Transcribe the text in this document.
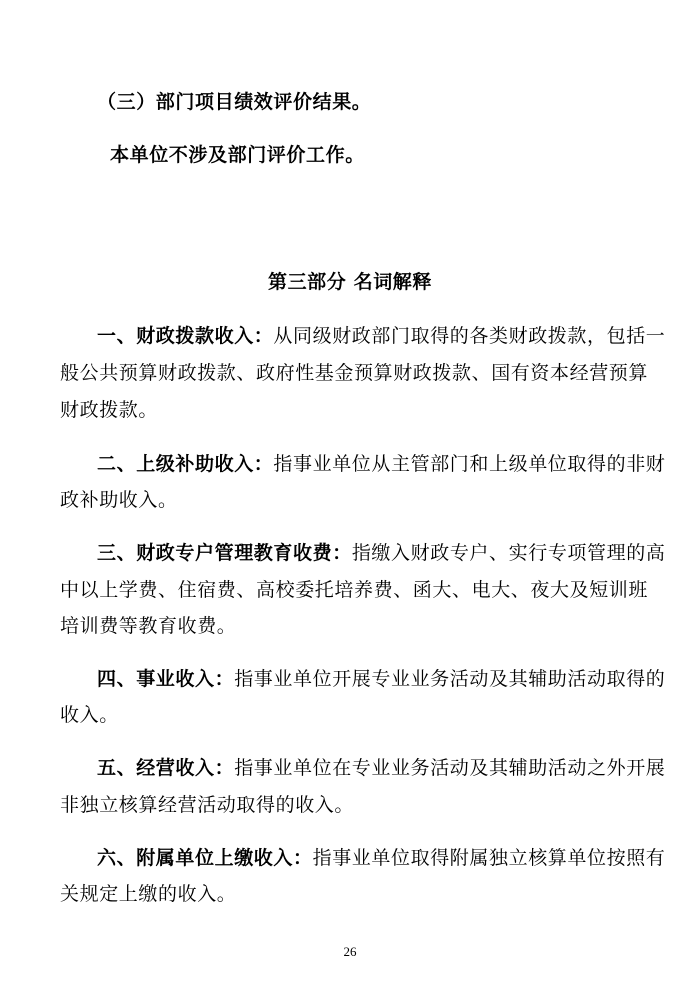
（三）部门项目绩效评价结果。
本单位不涉及部门评价工作。
第三部分 名词解释
一、财政拨款收入：从同级财政部门取得的各类财政拨款，包括一
般公共预算财政拨款、政府性基金预算财政拨款、国有资本经营预算
财政拨款。
二、上级补助收入：指事业单位从主管部门和上级单位取得的非财
政补助收入。
三、财政专户管理教育收费：指缴入财政专户、实行专项管理的高
中以上学费、住宿费、高校委托培养费、函大、电大、夜大及短训班
培训费等教育收费。
四、事业收入：指事业单位开展专业业务活动及其辅助活动取得的
收入。
五、经营收入：指事业单位在专业业务活动及其辅助活动之外开展
非独立核算经营活动取得的收入。
六、附属单位上缴收入：指事业单位取得附属独立核算单位按照有
关规定上缴的收入。
26
